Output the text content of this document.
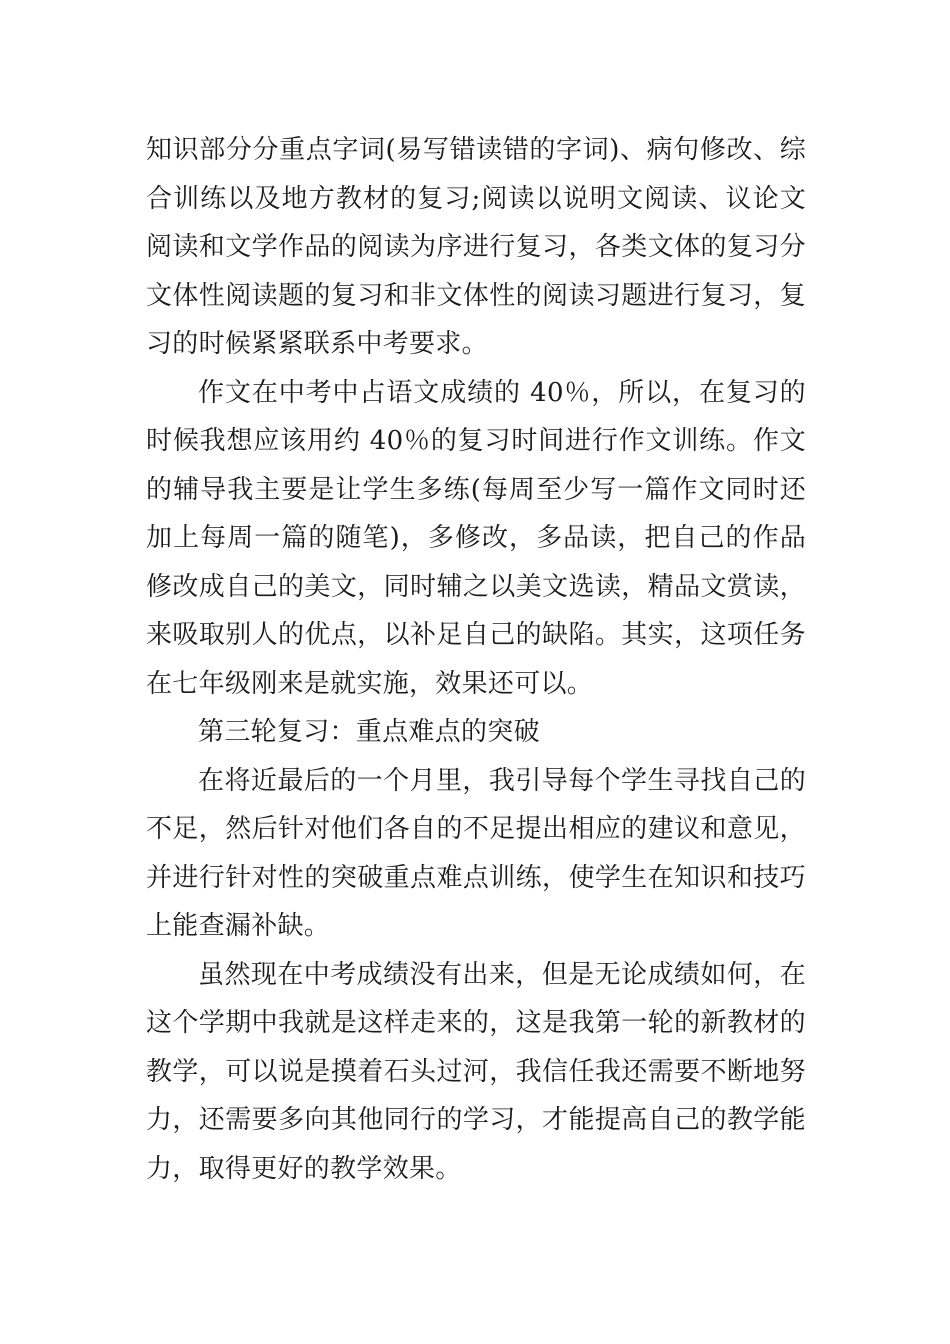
知识部分分重点字词(易写错读错的字词)、病句修改、综合训练以及地方教材的复习;阅读以说明文阅读、议论文阅读和文学作品的阅读为序进行复习，各类文体的复习分文体性阅读题的复习和非文体性的阅读习题进行复习，复习的时候紧紧联系中考要求。

作文在中考中占语文成绩的 40％，所以，在复习的时候我想应该用约 40％的复习时间进行作文训练。作文的辅导我主要是让学生多练(每周至少写一篇作文同时还加上每周一篇的随笔)，多修改，多品读，把自己的作品修改成自己的美文，同时辅之以美文选读，精品文赏读，来吸取别人的优点，以补足自己的缺陷。其实，这项任务在七年级刚来是就实施，效果还可以。

第三轮复习：重点难点的突破

在将近最后的一个月里，我引导每个学生寻找自己的不足，然后针对他们各自的不足提出相应的建议和意见，并进行针对性的突破重点难点训练，使学生在知识和技巧上能查漏补缺。

虽然现在中考成绩没有出来，但是无论成绩如何，在这个学期中我就是这样走来的，这是我第一轮的新教材的教学，可以说是摸着石头过河，我信任我还需要不断地努力，还需要多向其他同行的学习，才能提高自己的教学能力，取得更好的教学效果。
